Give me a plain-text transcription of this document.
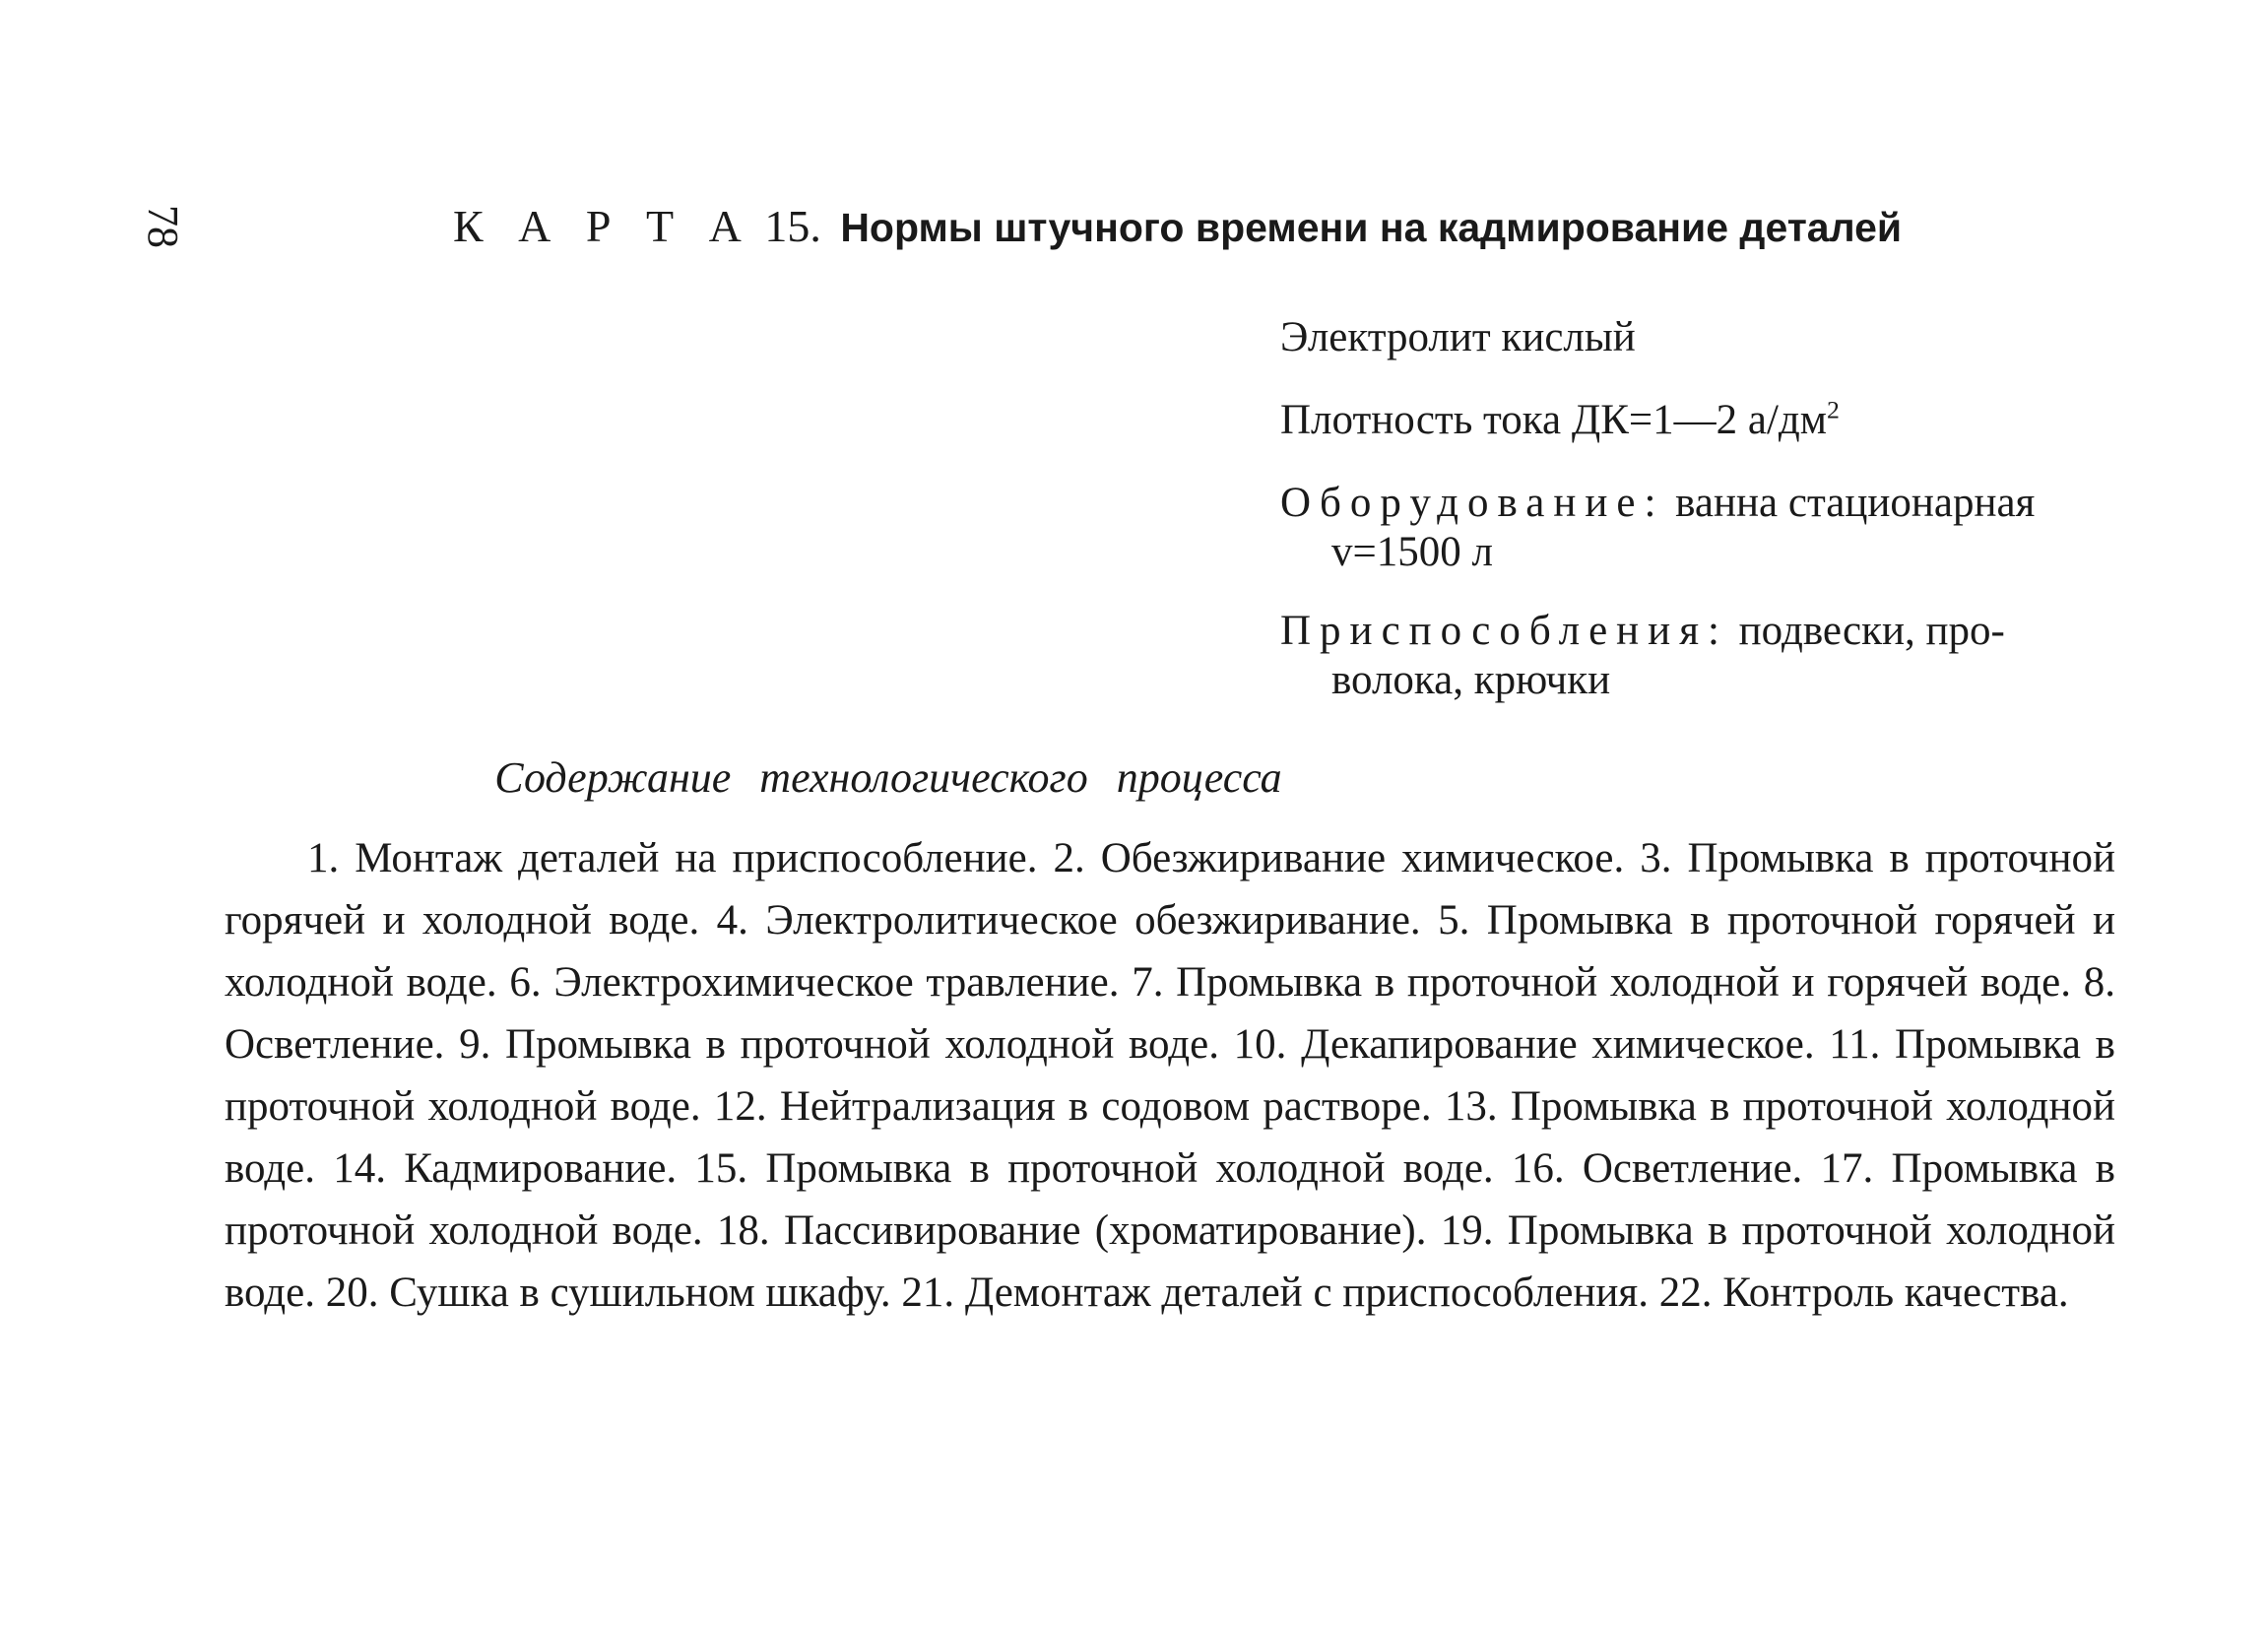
78	К А Р Т А 15. Нормы штучного времени на кадмирование деталей

Электролит кислый

Плотность тока ДК=1—2 $а/дм^2$

Оборудование: ванна стационарная

v=1500 л

Приспособления: подвески, про-

волока, крючки

Содержание технологического процесса
1. Монтаж деталей на приспособление. 2. Обезжиривание химическое. 3. Промывка в проточной горячей и холодной воде. 4. Электролитическое обезжиривание. 5. Промывка в проточной горячей и холодной воде. 6. Электрохимическое травление. 7. Промывка в проточной холодной и горячей воде. 8. Осветление. 9. Промывка в проточной холодной воде. 10. Декапирование химическое. 11. Промывка в проточной холодной воде. 12. Нейтрализация в содовом растворе. 13. Промывка в проточной холодной воде. 14. Кадмирование. 15. Промывка в проточной холодной воде. 16. Осветление. 17. Промывка в проточной холодной воде. 18. Пассивирование (хроматирование). 19. Промывка в проточной холодной воде. 20. Сушка в сушильном шкафу. 21. Демонтаж деталей с приспособления. 22. Контроль качества.
